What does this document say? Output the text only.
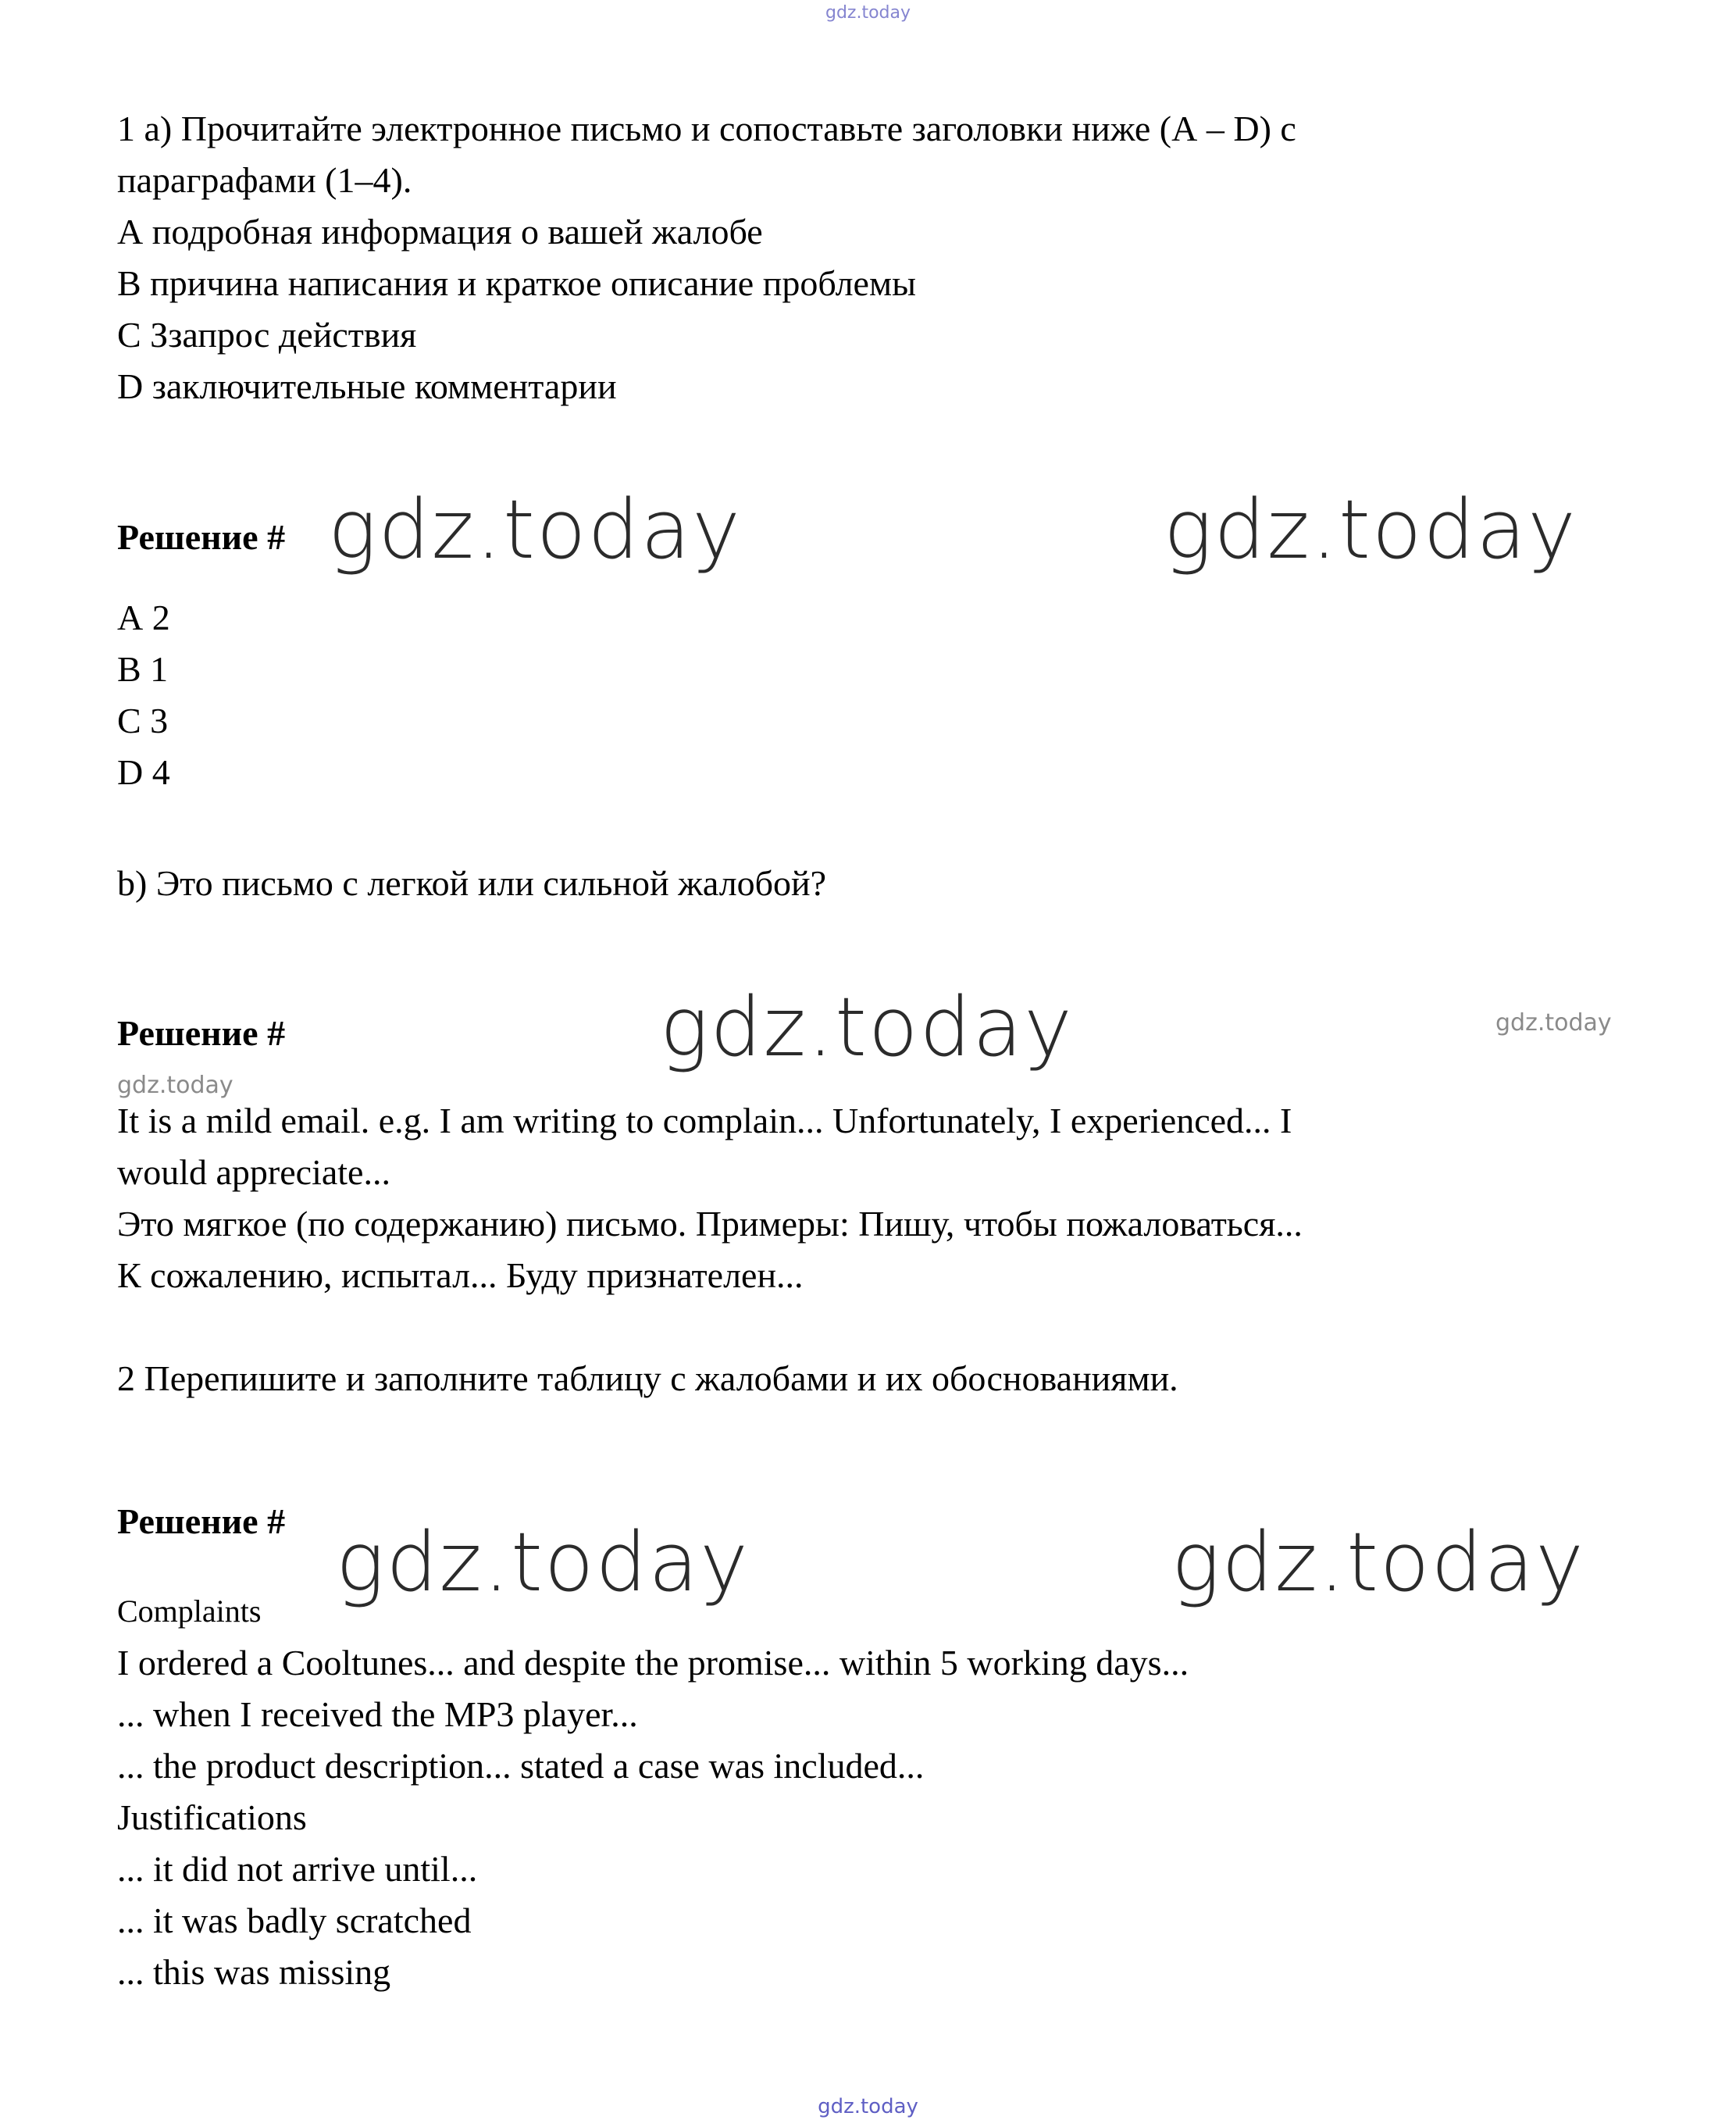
gdz.today
1 a) Прочитайте электронное письмо и сопоставьте заголовки ниже (А – D) с
параграфами (1–4).
А подробная информация о вашей жалобе
В причина написания и краткое описание проблемы
С Ззапрос действия
D заключительные комментарии
Решение # gdz.today	gdz.today
А 2
В 1
С 3
D 4
b) Это письмо с легкой или сильной жалобой?
Решение #	gdz.today
gdz.today
gdz.today
It is a mild email. e.g. I am writing to complain... Unfortunately, I experienced... I
would appreciate...
Это мягкое (по содержанию) письмо. Примеры: Пишу, чтобы пожаловаться...
К сожалению, испытал... Буду признателен...
2 Перепишите и заполните таблицу с жалобами и их обоснованиями.
Решение # gdz.today	gdz.today
Complaints
I ordered a Cooltunes... and despite the promise... within 5 working days...
... when I received the MP3 player...
... the product description... stated a case was included...
Justifications
... it did not arrive until...
... it was badly scratched
... this was missing
gdz.today
